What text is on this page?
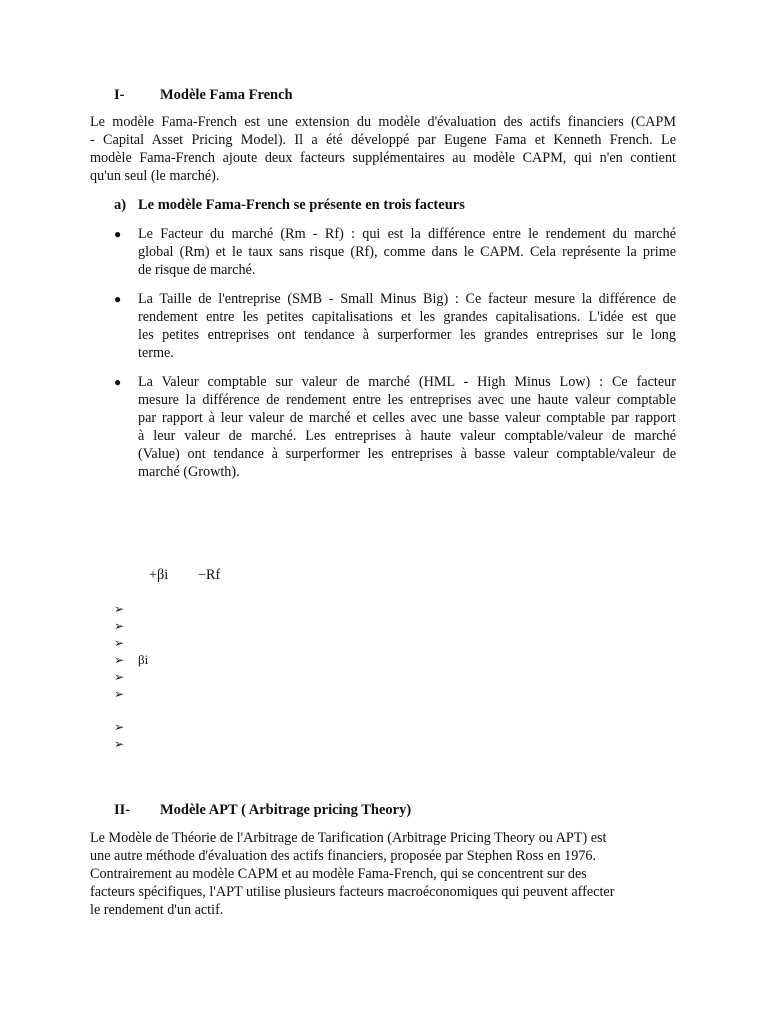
I- Modèle Fama French
Le modèle Fama-French est une extension du modèle d'évaluation des actifs financiers (CAPM
- Capital Asset Pricing Model). Il a été développé par Eugene Fama et Kenneth French. Le
modèle Fama-French ajoute deux facteurs supplémentaires au modèle CAPM, qui n'en contient
qu'un seul (le marché).
a) Le modèle Fama-French se présente en trois facteurs
● Le Facteur du marché (Rm - Rf) : qui est la différence entre le rendement du marché
global (Rm) et le taux sans risque (Rf), comme dans le CAPM. Cela représente la prime
de risque de marché.
● La Taille de l'entreprise (SMB - Small Minus Big) : Ce facteur mesure la différence de
rendement entre les petites capitalisations et les grandes capitalisations. L'idée est que
les petites entreprises ont tendance à surperformer les grandes entreprises sur le long
terme.
● La Valeur comptable sur valeur de marché (HML - High Minus Low) : Ce facteur
mesure la différence de rendement entre les entreprises avec une haute valeur comptable
par rapport à leur valeur de marché et celles avec une basse valeur comptable par rapport
à leur valeur de marché. Les entreprises à haute valeur comptable/valeur de marché
(Value) ont tendance à surperformer les entreprises à basse valeur comptable/valeur de
marché (Growth).
+βi −Rf
➢
➢
➢
➢ βi
➢
➢
➢
➢
II- Modèle APT ( Arbitrage pricing Theory)
Le Modèle de Théorie de l'Arbitrage de Tarification (Arbitrage Pricing Theory ou APT) est
une autre méthode d'évaluation des actifs financiers, proposée par Stephen Ross en 1976.
Contrairement au modèle CAPM et au modèle Fama-French, qui se concentrent sur des
facteurs spécifiques, l'APT utilise plusieurs facteurs macroéconomiques qui peuvent affecter
le rendement d'un actif.
